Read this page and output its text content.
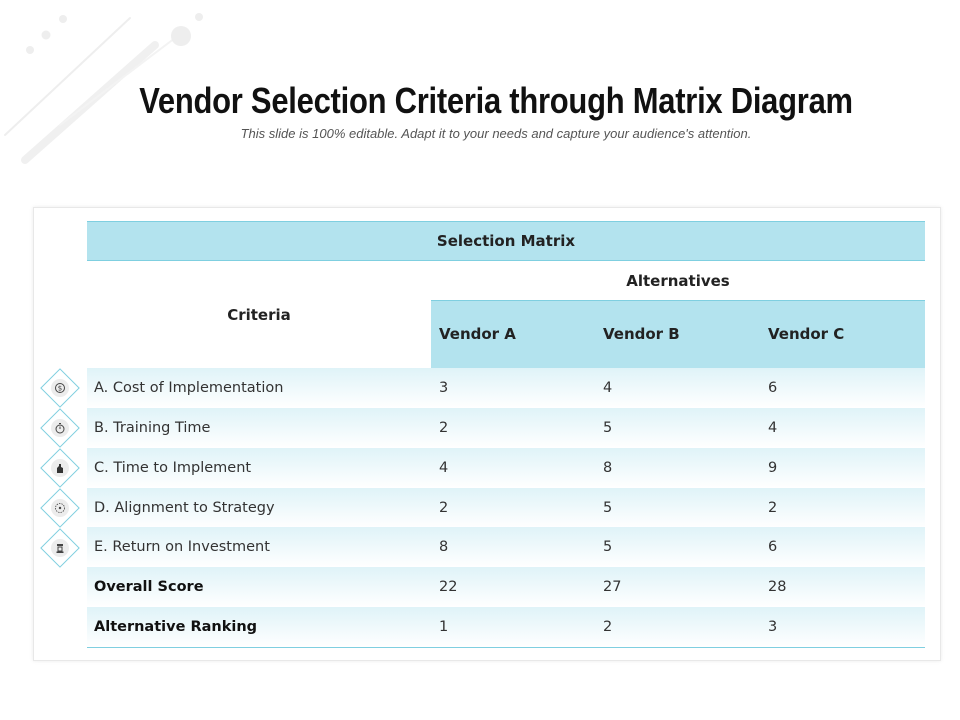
Vendor Selection Criteria through Matrix Diagram
This slide is 100% editable. Adapt it to your needs and capture your audience's attention.
Selection Matrix
Alternatives
Criteria
Vendor A	Vendor B	Vendor C
A. Cost of Implementation	3	4	6
B. Training Time	2	5	4
C. Time to Implement	4	8	9
D. Alignment to Strategy	2	5	2
E. Return on Investment	8	5	6
Overall Score	22	27	28
Alternative Ranking	1	2	3
$
